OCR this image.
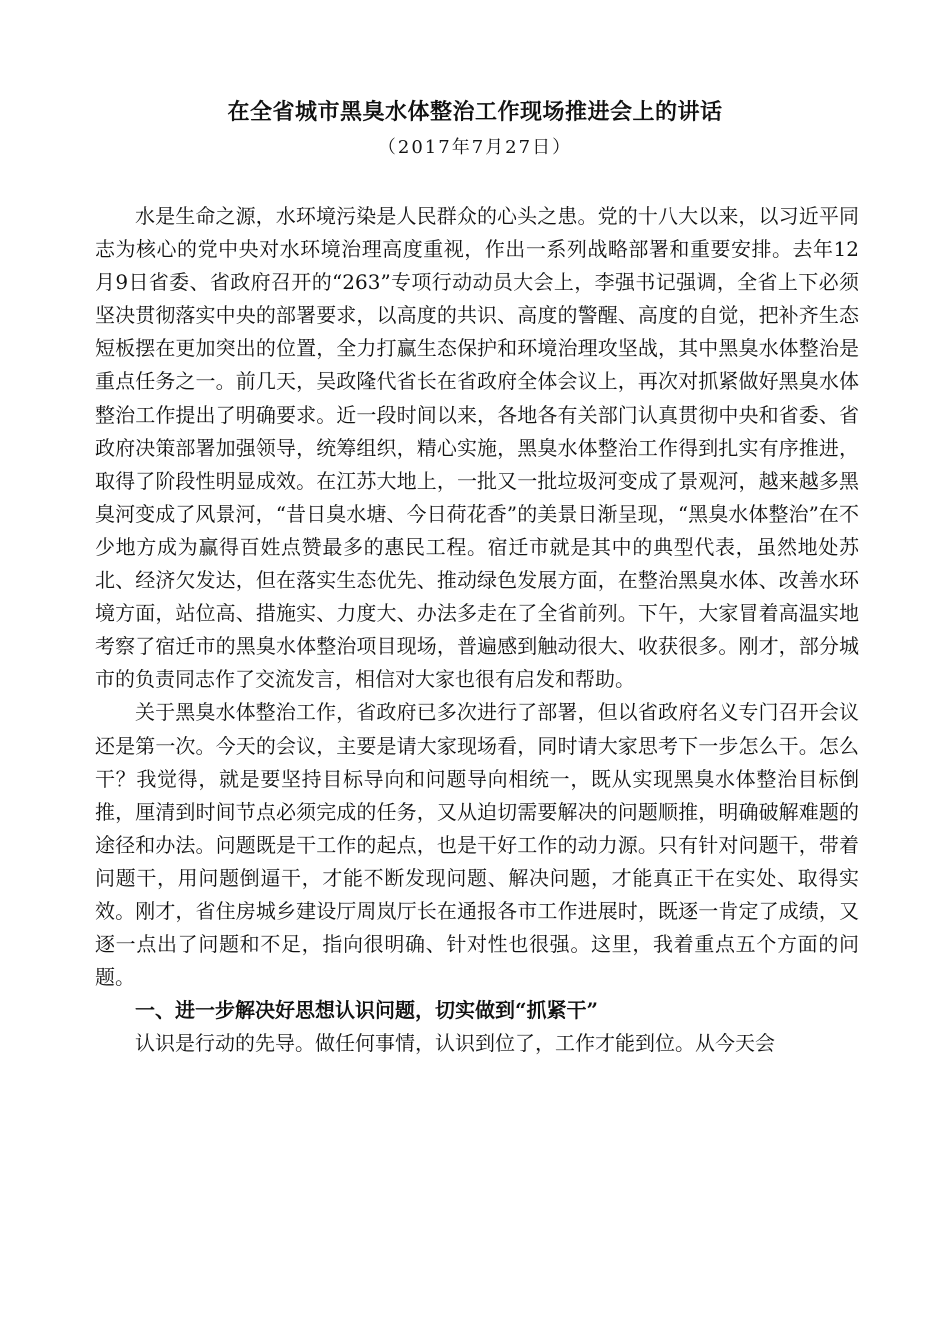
在全省城市黑臭水体整治工作现场推进会上的讲话
（2017年7月27日）

水是生命之源，水环境污染是人民群众的心头之患。党的十八大以来，以习近平同志为核心的党中央对水环境治理高度重视，作出一系列战略部署和重要安排。去年12月9日省委、省政府召开的“263”专项行动动员大会上，李强书记强调，全省上下必须坚决贯彻落实中央的部署要求，以高度的共识、高度的警醒、高度的自觉，把补齐生态短板摆在更加突出的位置，全力打赢生态保护和环境治理攻坚战，其中黑臭水体整治是重点任务之一。前几天，吴政隆代省长在省政府全体会议上，再次对抓紧做好黑臭水体整治工作提出了明确要求。近一段时间以来，各地各有关部门认真贯彻中央和省委、省政府决策部署加强领导，统筹组织，精心实施，黑臭水体整治工作得到扎实有序推进，取得了阶段性明显成效。在江苏大地上，一批又一批垃圾河变成了景观河，越来越多黑臭河变成了风景河，“昔日臭水塘、今日荷花香”的美景日渐呈现，“黑臭水体整治”在不少地方成为赢得百姓点赞最多的惠民工程。宿迁市就是其中的典型代表，虽然地处苏北、经济欠发达，但在落实生态优先、推动绿色发展方面，在整治黑臭水体、改善水环境方面，站位高、措施实、力度大、办法多走在了全省前列。下午，大家冒着高温实地考察了宿迁市的黑臭水体整治项目现场，普遍感到触动很大、收获很多。刚才，部分城市的负责同志作了交流发言，相信对大家也很有启发和帮助。

关于黑臭水体整治工作，省政府已多次进行了部署，但以省政府名义专门召开会议还是第一次。今天的会议，主要是请大家现场看，同时请大家思考下一步怎么干。怎么干？我觉得，就是要坚持目标导向和问题导向相统一，既从实现黑臭水体整治目标倒推，厘清到时间节点必须完成的任务，又从迫切需要解决的问题顺推，明确破解难题的途径和办法。问题既是干工作的起点，也是干好工作的动力源。只有针对问题干，带着问题干，用问题倒逼干，才能不断发现问题、解决问题，才能真正干在实处、取得实效。刚才，省住房城乡建设厅周岚厅长在通报各市工作进展时，既逐一肯定了成绩，又逐一点出了问题和不足，指向很明确、针对性也很强。这里，我着重点五个方面的问题。

一、进一步解决好思想认识问题，切实做到“抓紧干”

认识是行动的先导。做任何事情，认识到位了，工作才能到位。从今天会
